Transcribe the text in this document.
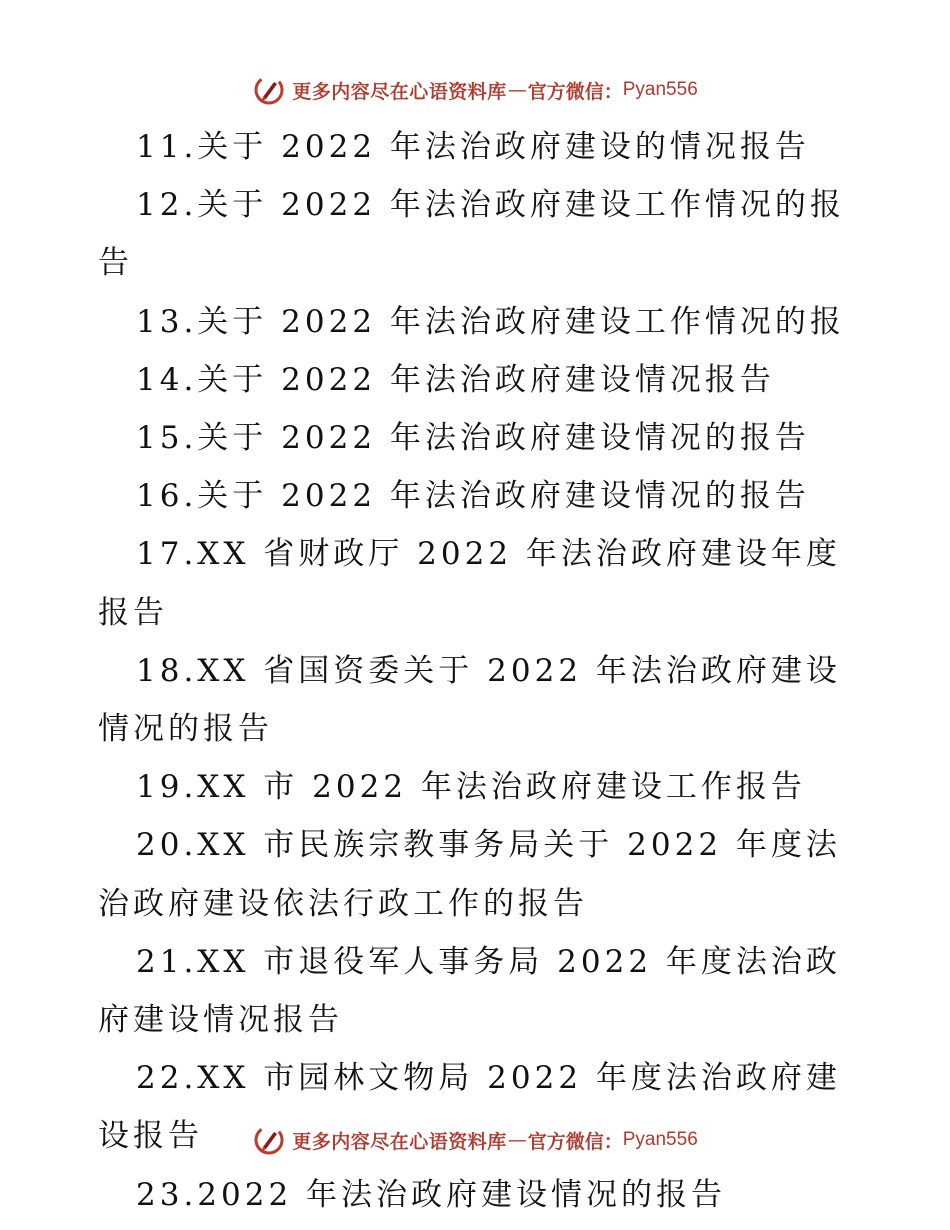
更多内容尽在心语资料库 — 官方微信： Pyan556

11.关于 2022 年法治政府建设的情况报告

12.关于 2022 年法治政府建设工作情况的报告

13.关于 2022 年法治政府建设工作情况的报

14.关于 2022 年法治政府建设情况报告

15.关于 2022 年法治政府建设情况的报告

16.关于 2022 年法治政府建设情况的报告

17.XX 省财政厅 2022 年法治政府建设年度报告

18.XX 省国资委关于 2022 年法治政府建设情况的报告

19.XX 市 2022 年法治政府建设工作报告

20.XX 市民族宗教事务局关于 2022 年度法治政府建设依法行政工作的报告

21.XX 市退役军人事务局 2022 年度法治政府建设情况报告

22.XX 市园林文物局 2022 年度法治政府建设报告

23.2022 年法治政府建设情况的报告

更多内容尽在心语资料库 — 官方微信： Pyan556
